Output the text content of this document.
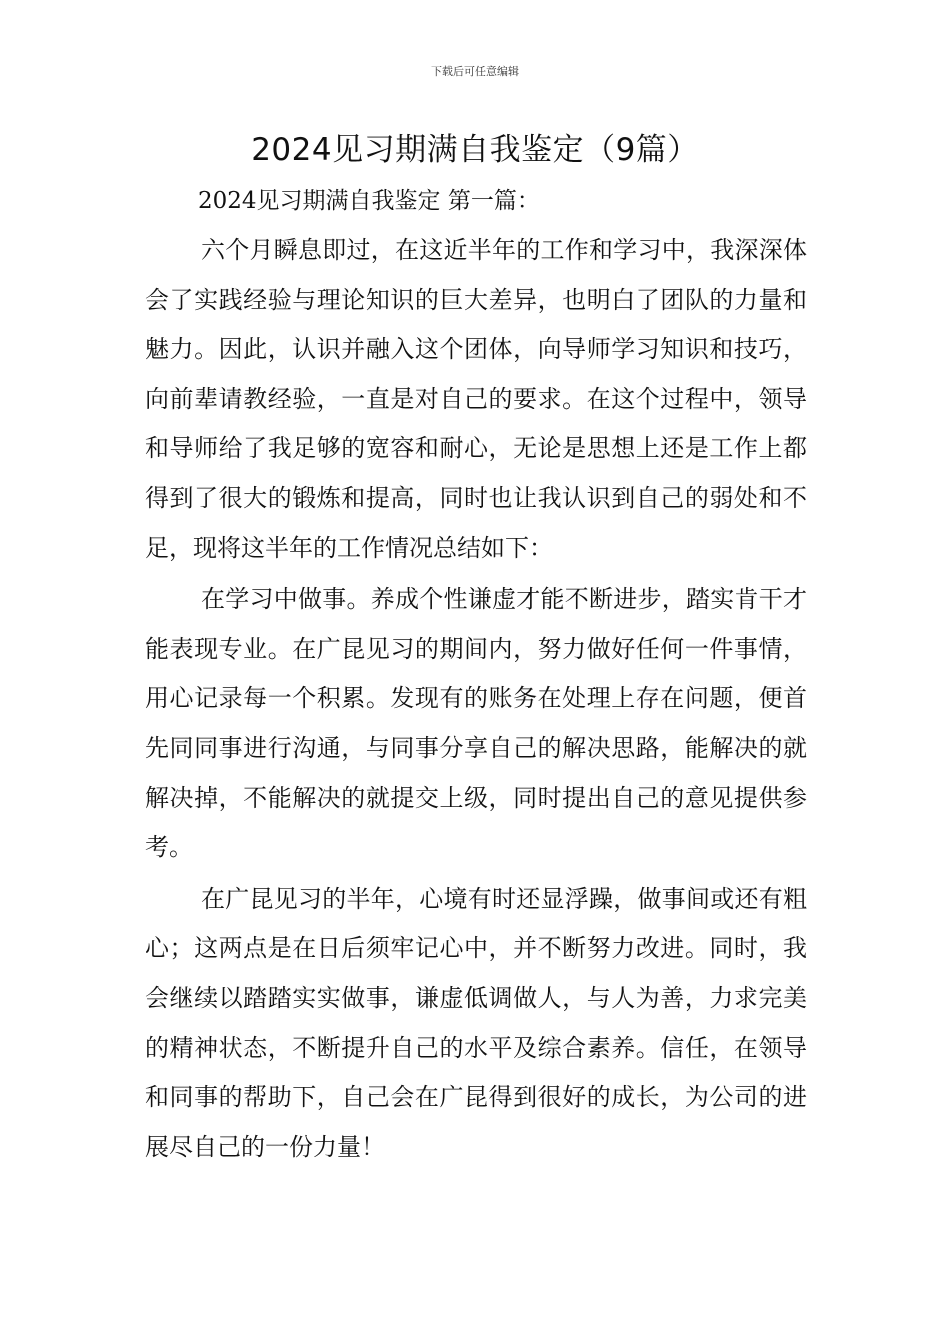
下载后可任意编辑
2024见习期满自我鉴定（9篇）

2024见习期满自我鉴定 第一篇：

六个月瞬息即过，在这近半年的工作和学习中，我深深体会了实践经验与理论知识的巨大差异，也明白了团队的力量和魅力。因此，认识并融入这个团体，向导师学习知识和技巧，向前辈请教经验，一直是对自己的要求。在这个过程中，领导和导师给了我足够的宽容和耐心，无论是思想上还是工作上都得到了很大的锻炼和提高，同时也让我认识到自己的弱处和不足，现将这半年的工作情况总结如下：

在学习中做事。养成个性谦虚才能不断进步，踏实肯干才能表现专业。在广昆见习的期间内，努力做好任何一件事情，用心记录每一个积累。发现有的账务在处理上存在问题，便首先同同事进行沟通，与同事分享自己的解决思路，能解决的就解决掉，不能解决的就提交上级，同时提出自己的意见提供参考。

在广昆见习的半年，心境有时还显浮躁，做事间或还有粗心；这两点是在日后须牢记心中，并不断努力改进。同时，我会继续以踏踏实实做事，谦虚低调做人，与人为善，力求完美的精神状态，不断提升自己的水平及综合素养。信任，在领导和同事的帮助下，自己会在广昆得到很好的成长，为公司的进展尽自己的一份力量！
